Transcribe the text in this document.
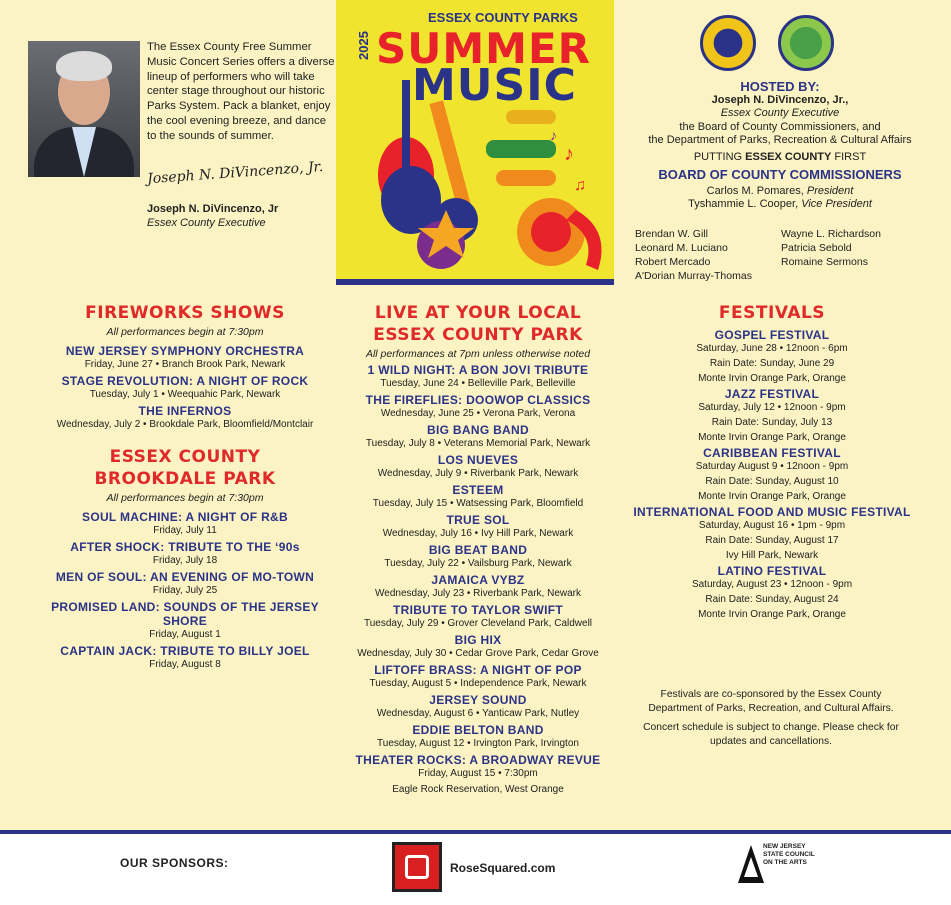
The Essex County Free Summer Music Concert Series offers a diverse lineup of performers who will take center stage throughout our historic Parks System. Pack a blanket, enjoy the cool evening breeze, and dance to the sounds of summer.
Joseph N. DiVincenzo, Jr.
Joseph N. DiVincenzo, Jr
Essex County Executive
♪
♫
♪
2025
ESSEX COUNTY PARKS
SUMMER
MUSIC	HOSTED BY:
Joseph N. DiVincenzo, Jr.,
Essex County Executive
the Board of County Commissioners, and
the Department of Parks, Recreation & Cultural Affairs
PUTTING ESSEX COUNTY FIRST
BOARD OF COUNTY COMMISSIONERS
Carlos M. Pomares, President
Tyshammie L. Cooper, Vice President
Brendan W. Gill
Leonard M. Luciano
Robert Mercado
A'Dorian Murray-Thomas
Wayne L. Richardson
Patricia Sebold
Romaine Sermons
FIREWORKS SHOWS
All performances begin at 7:30pm
NEW JERSEY SYMPHONY ORCHESTRA
Friday, June 27 • Branch Brook Park, Newark
STAGE REVOLUTION: A NIGHT OF ROCK
Tuesday, July 1 • Weequahic Park, Newark
THE INFERNOS
Wednesday, July 2 • Brookdale Park, Bloomfield/Montclair
ESSEX COUNTY
BROOKDALE PARK
All performances begin at 7:30pm
SOUL MACHINE: A NIGHT OF R&B
Friday, July 11
AFTER SHOCK: TRIBUTE TO THE ‘90s
Friday, July 18
MEN OF SOUL: AN EVENING OF MO-TOWN
Friday, July 25
PROMISED LAND: SOUNDS OF THE JERSEY SHORE
Friday, August 1
CAPTAIN JACK: TRIBUTE TO BILLY JOEL
Friday, August 8
LIVE AT YOUR LOCAL
ESSEX COUNTY PARK
All performances at 7pm unless otherwise noted
1 WILD NIGHT: A BON JOVI TRIBUTE
Tuesday, June 24 • Belleville Park, Belleville
THE FIREFLIES: DOOWOP CLASSICS
Wednesday, June 25 • Verona Park, Verona
BIG BANG BAND
Tuesday, July 8 • Veterans Memorial Park, Newark
LOS NUEVES
Wednesday, July 9 • Riverbank Park, Newark
ESTEEM
Tuesday, July 15 • Watsessing Park, Bloomfield
TRUE SOL
Wednesday, July 16 • Ivy Hill Park, Newark
BIG BEAT BAND
Tuesday, July 22 • Vailsburg Park, Newark
JAMAICA VYBZ
Wednesday, July 23 • Riverbank Park, Newark
TRIBUTE TO TAYLOR SWIFT
Tuesday, July 29 • Grover Cleveland Park, Caldwell
BIG HIX
Wednesday, July 30 • Cedar Grove Park, Cedar Grove
LIFTOFF BRASS: A NIGHT OF POP
Tuesday, August 5 • Independence Park, Newark
JERSEY SOUND
Wednesday, August 6 • Yanticaw Park, Nutley
EDDIE BELTON BAND
Tuesday, August 12 • Irvington Park, Irvington
THEATER ROCKS: A BROADWAY REVUE
Friday, August 15 • 7:30pm
Eagle Rock Reservation, West Orange
FESTIVALS
GOSPEL FESTIVAL
Saturday, June 28 • 12noon - 6pm
Rain Date: Sunday, June 29
Monte Irvin Orange Park, Orange
JAZZ FESTIVAL
Saturday, July 12 • 12noon - 9pm
Rain Date: Sunday, July 13
Monte Irvin Orange Park, Orange
CARIBBEAN FESTIVAL
Saturday August 9 • 12noon - 9pm
Rain Date: Sunday, August 10
Monte Irvin Orange Park, Orange
INTERNATIONAL FOOD AND MUSIC FESTIVAL
Saturday, August 16 • 1pm - 9pm
Rain Date: Sunday, August 17
Ivy Hill Park, Newark
LATINO FESTIVAL
Saturday, August 23 • 12noon - 9pm
Rain Date: Sunday, August 24
Monte Irvin Orange Park, Orange
Festivals are co-sponsored by the Essex County Department of Parks, Recreation, and Cultural Affairs.
Concert schedule is subject to change. Please check for updates and cancellations.
OUR SPONSORS:	RoseSquared.com
NEW JERSEY
STATE COUNCIL
ON THE ARTS
